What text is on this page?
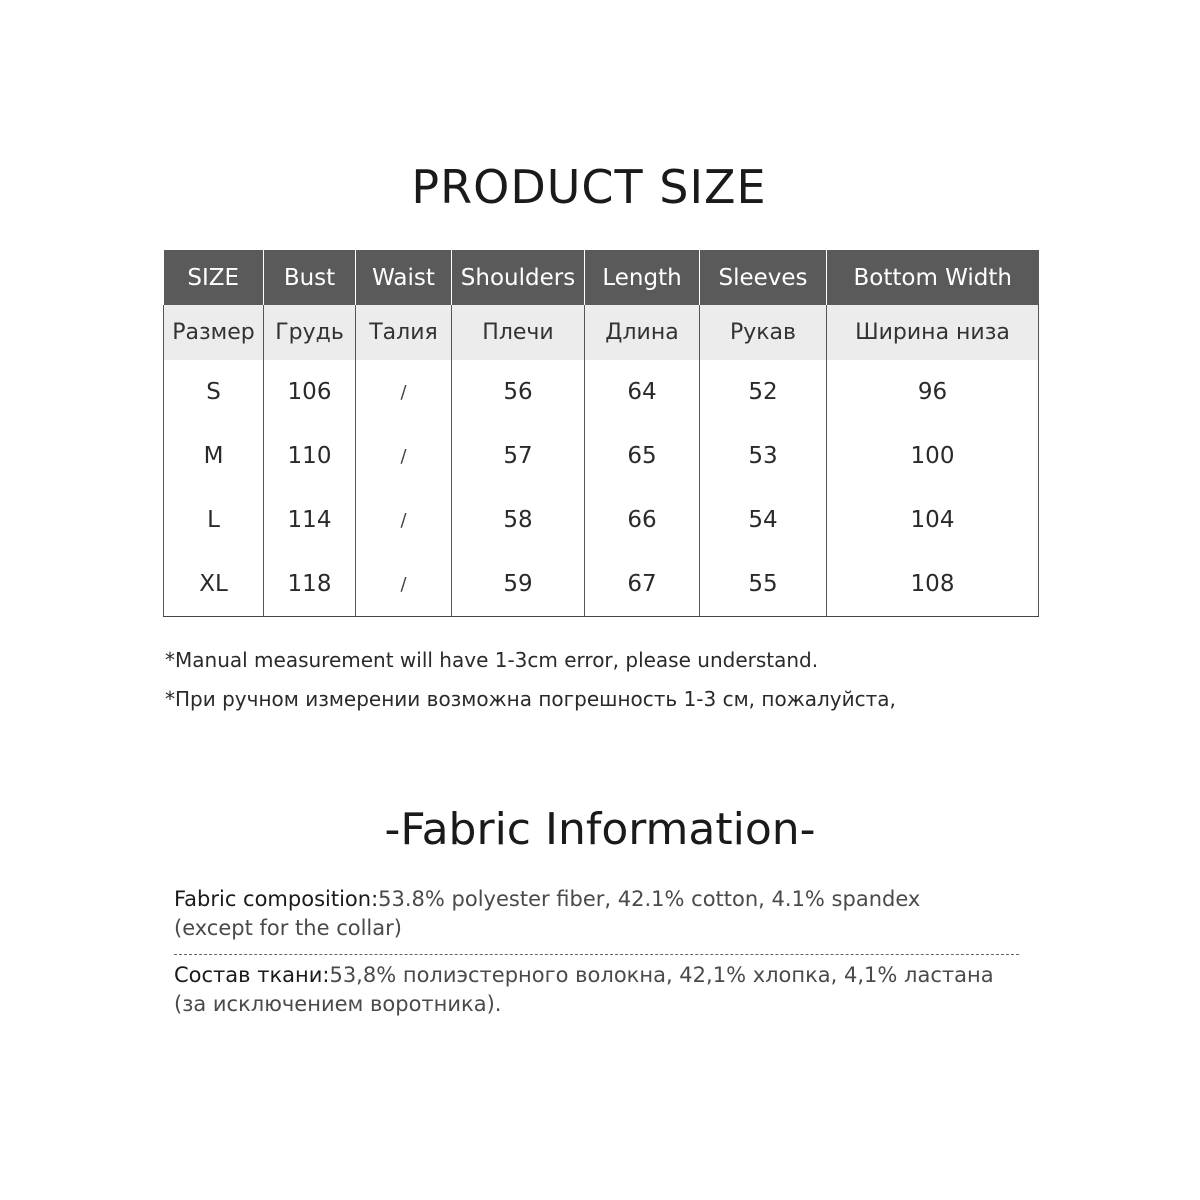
PRODUCT SIZE
SIZE	Bust	Waist	Shoulders	Length	Sleeves	Bottom Width
Размер	Грудь	Талия	Плечи	Длина	Рукав	Ширина низа
S	106	/	56	64	52	96
M	110	/	57	65	53	100
L	114	/	58	66	54	104
XL	118	/	59	67	55	108
*Manual measurement will have 1-3cm error, please understand.
*При ручном измерении возможна погрешность 1-3 см, пожалуйста,
-Fabric Information-
Fabric composition:53.8% polyester fiber, 42.1% cotton, 4.1% spandex (except for the collar)
Состав ткани:53,8% полиэстерного волокна, 42,1% хлопка, 4,1% ластана (за исключением воротника).
